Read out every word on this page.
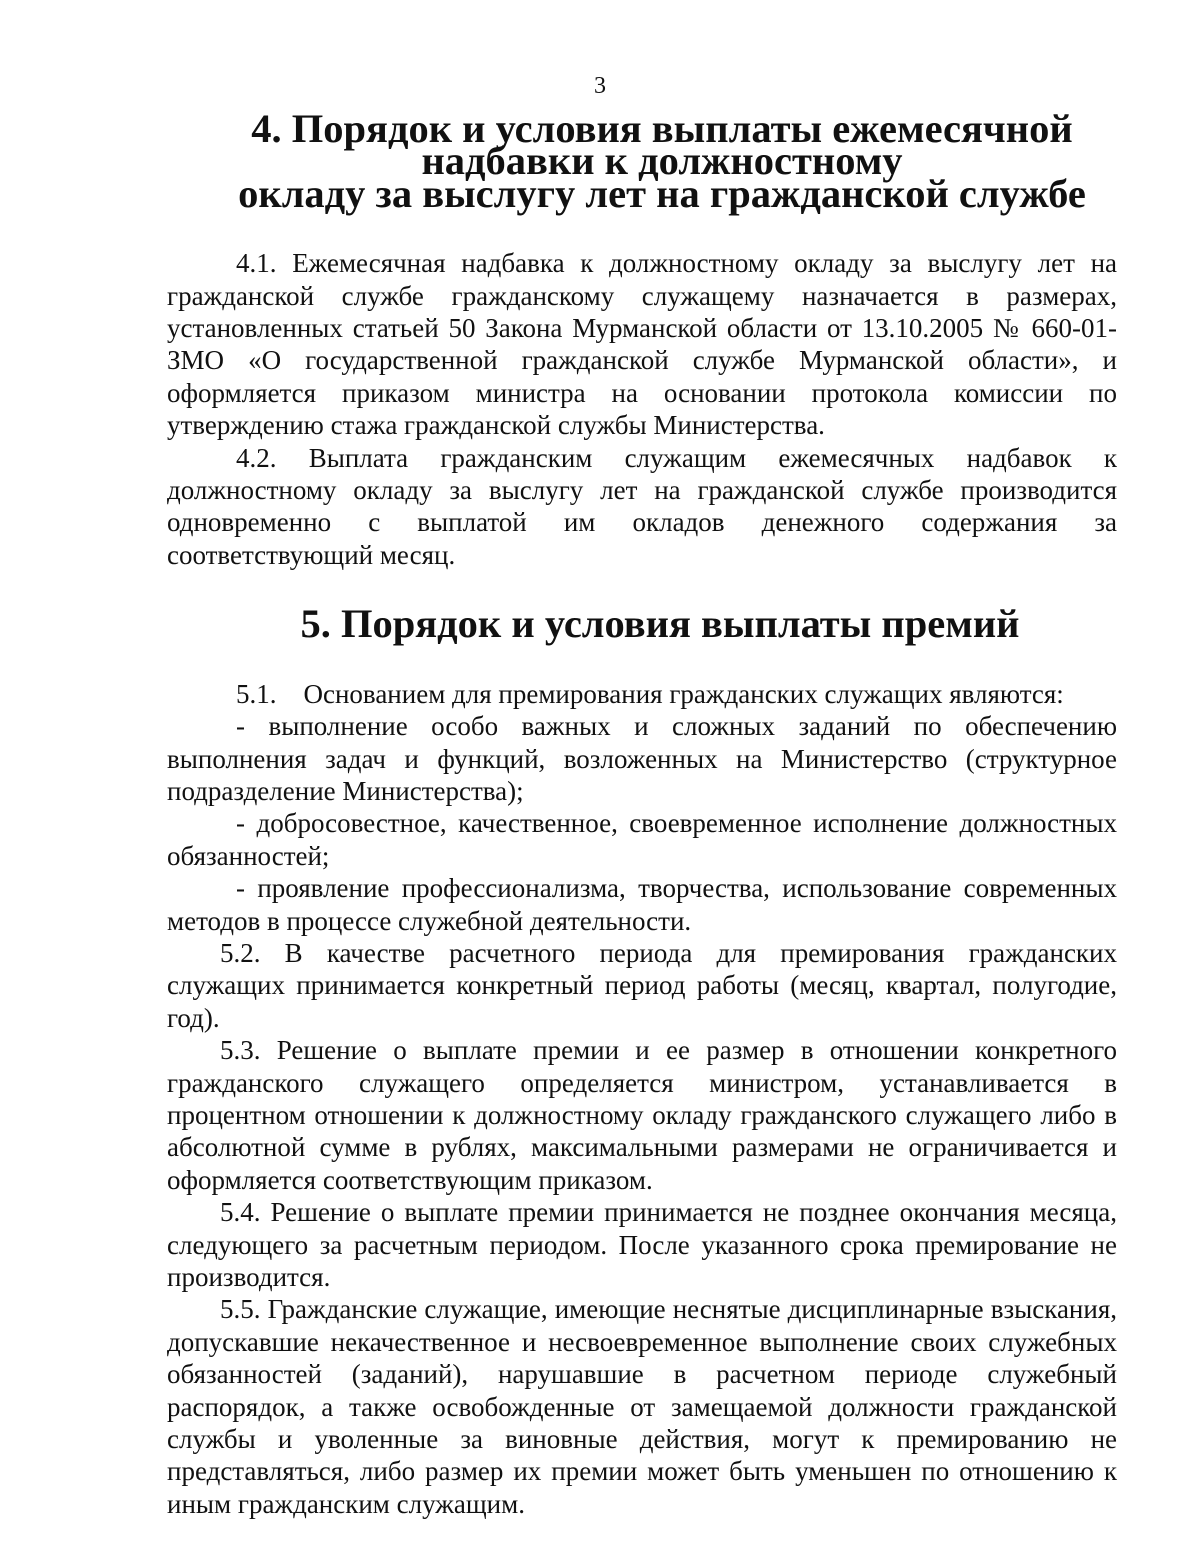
3
4. Порядок и условия выплаты ежемесячной надбавки к должностному
окладу за выслугу лет на гражданской службе

4.1. Ежемесячная надбавка к должностному окладу за выслугу лет на гражданской службе гражданскому служащему назначается в размерах, установленных статьей 50 Закона Мурманской области от 13.10.2005 № 660-01-ЗМО «О государственной гражданской службе Мурманской области», и оформляется приказом министра на основании протокола комиссии по утверждению стажа гражданской службы Министерства.

4.2. Выплата гражданским служащим ежемесячных надбавок к должностному окладу за выслугу лет на гражданской службе производится одновременно с выплатой им окладов денежного содержания за соответствующий месяц.

5. Порядок и условия выплаты премий

5.1.    Основанием для премирования гражданских служащих являются:

- выполнение особо важных и сложных заданий по обеспечению выполнения задач и функций, возложенных на Министерство (структурное подразделение Министерства);

- добросовестное, качественное, своевременное исполнение должностных обязанностей;

- проявление профессионализма, творчества, использование современных методов в процессе служебной деятельности.

5.2. В качестве расчетного периода для премирования гражданских служащих принимается конкретный период работы (месяц, квартал, полугодие, год).

5.3. Решение о выплате премии и ее размер в отношении конкретного гражданского служащего определяется министром, устанавливается в процентном отношении к должностному окладу гражданского служащего либо в абсолютной сумме в рублях, максимальными размерами не ограничивается и оформляется соответствующим приказом.

5.4. Решение о выплате премии принимается не позднее окончания месяца, следующего за расчетным периодом. После указанного срока премирование не производится.

5.5. Гражданские служащие, имеющие неснятые дисциплинарные взыскания, допускавшие некачественное и несвоевременное выполнение своих служебных обязанностей (заданий), нарушавшие в расчетном периоде служебный распорядок, а также освобожденные от замещаемой должности гражданской службы и уволенные за виновные действия, могут к премированию не представляться, либо размер их премии может быть уменьшен по отношению к иным гражданским служащим.
